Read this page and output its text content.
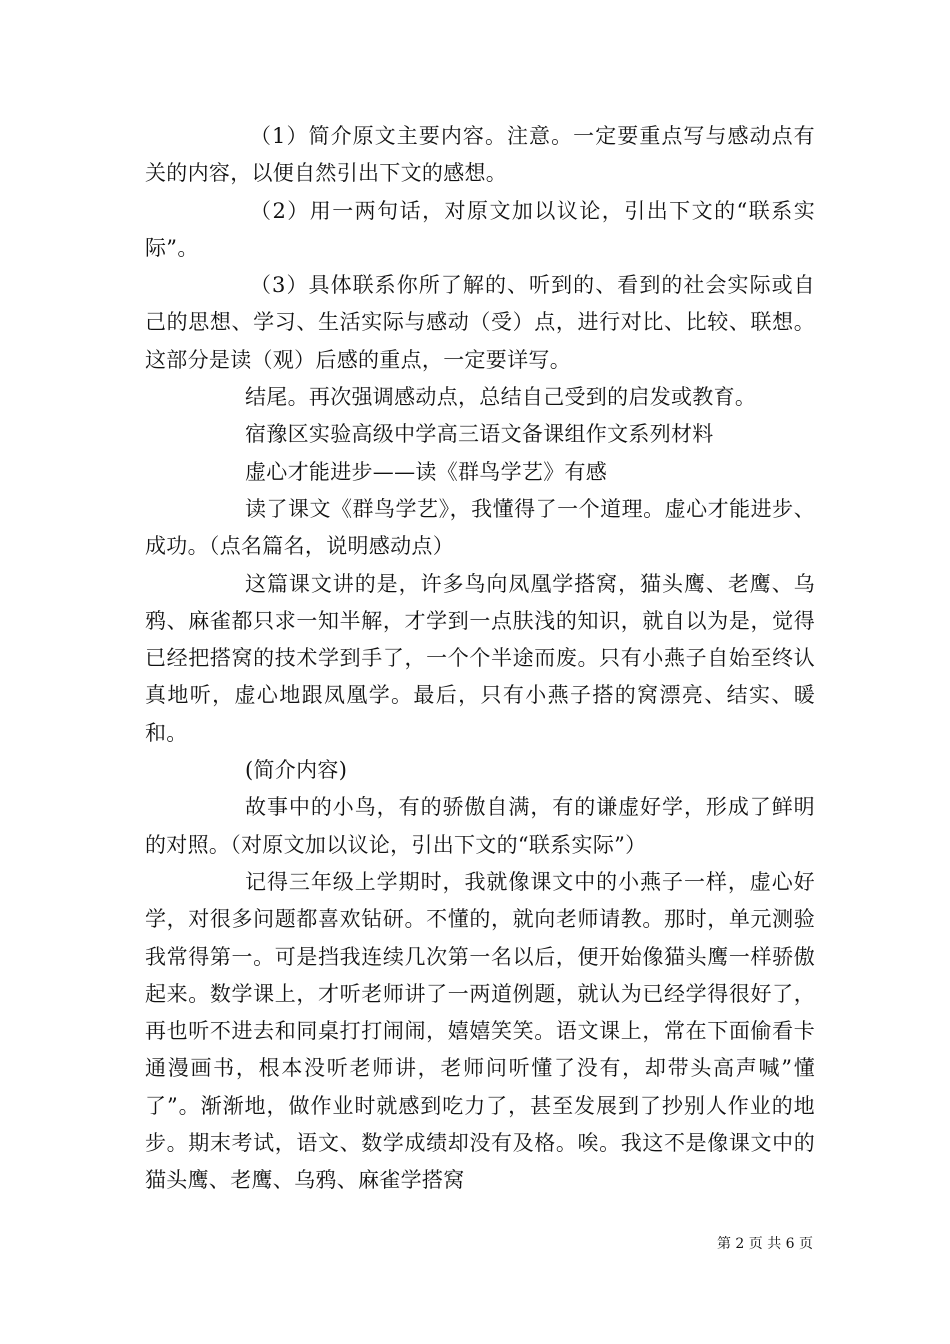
（1）简介原文主要内容。注意。一定要重点写与感动点有关的内容，以便自然引出下文的感想。

（2）用一两句话，对原文加以议论，引出下文的“联系实际”。

（3）具体联系你所了解的、听到的、看到的社会实际或自己的思想、学习、生活实际与感动（受）点，进行对比、比较、联想。这部分是读（观）后感的重点，一定要详写。

结尾。再次强调感动点，总结自己受到的启发或教育。

宿豫区实验高级中学高三语文备课组作文系列材料

虚心才能进步——读《群鸟学艺》有感

读了课文《群鸟学艺》，我懂得了一个道理。虚心才能进步、成功。（点名篇名，说明感动点）

这篇课文讲的是，许多鸟向凤凰学搭窝，猫头鹰、老鹰、乌鸦、麻雀都只求一知半解，才学到一点肤浅的知识，就自以为是，觉得已经把搭窝的技术学到手了，一个个半途而废。只有小燕子自始至终认真地听，虚心地跟凤凰学。最后，只有小燕子搭的窝漂亮、结实、暖和。

(简介内容)

故事中的小鸟，有的骄傲自满，有的谦虚好学，形成了鲜明的对照。（对原文加以议论，引出下文的“联系实际”）

记得三年级上学期时，我就像课文中的小燕子一样，虚心好学，对很多问题都喜欢钻研。不懂的，就向老师请教。那时，单元测验我常得第一。可是挡我连续几次第一名以后，便开始像猫头鹰一样骄傲起来。数学课上，才听老师讲了一两道例题，就认为已经学得很好了，再也听不进去和同桌打打闹闹，嬉嬉笑笑。语文课上，常在下面偷看卡通漫画书，根本没听老师讲，老师问听懂了没有，却带头高声喊”懂了”。渐渐地，做作业时就感到吃力了，甚至发展到了抄别人作业的地步。期末考试，语文、数学成绩却没有及格。唉。我这不是像课文中的猫头鹰、老鹰、乌鸦、麻雀学搭窝

第 2 页 共 6 页
